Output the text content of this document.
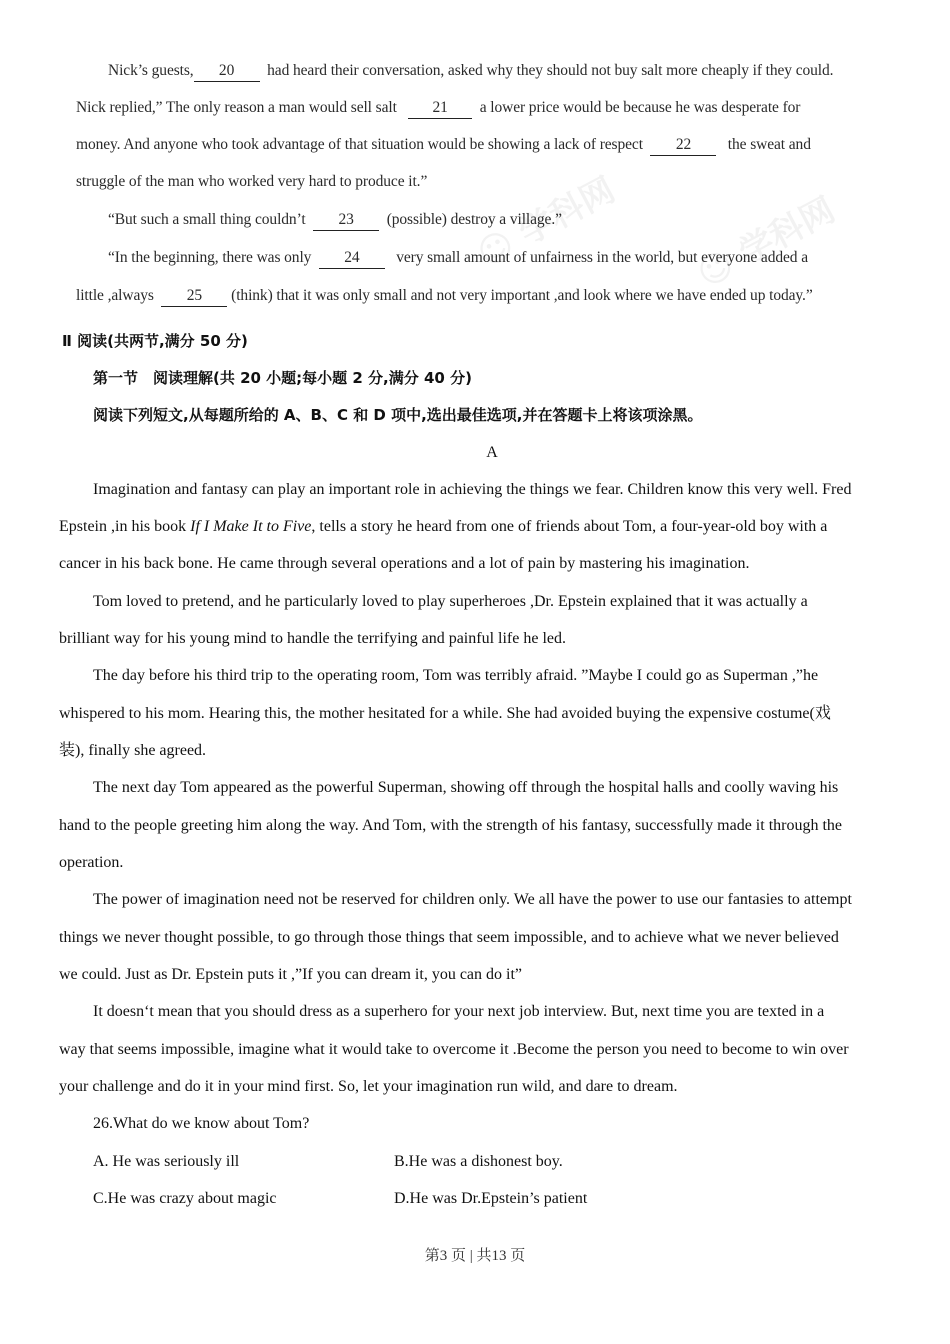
☺ 学科网
☺ 学科网
Nick’s guests, 20 had heard their conversation, asked why they should not buy salt more cheaply if they could.
Nick replied,” The only reason a man would sell salt 21 a lower price would be because he was desperate for
money. And anyone who took advantage of that situation would be showing a lack of respect 22 the sweat and
struggle of the man who worked very hard to produce it.”
“But such a small thing couldn’t 23 (possible) destroy a village.”
“In the beginning, there was only 24 very small amount of unfairness in the world, but everyone added a
little ,always 25 (think) that it was only small and not very important ,and look where we have ended up today.”
Ⅱ 阅读(共两节,满分 50 分)
第一节　阅读理解(共 20 小题;每小题 2 分,满分 40 分)
阅读下列短文,从每题所给的 A、B、C 和 D 项中,选出最佳选项,并在答题卡上将该项涂黑。
A
Imagination and fantasy can play an important role in achieving the things we fear. Children know this very well. Fred
Epstein ,in his book If I Make It to Five, tells a story he heard from one of friends about Tom, a four-year-old boy with a
cancer in his back bone. He came through several operations and a lot of pain by mastering his imagination.
Tom loved to pretend, and he particularly loved to play superheroes ,Dr. Epstein explained that it was actually a
brilliant way for his young mind to handle the terrifying and painful life he led.
The day before his third trip to the operating room, Tom was terribly afraid. ”Maybe I could go as Superman ,”he
whispered to his mom. Hearing this, the mother hesitated for a while. She had avoided buying the expensive costume(戏
装), finally she agreed.
The next day Tom appeared as the powerful Superman, showing off through the hospital halls and coolly waving his
hand to the people greeting him along the way. And Tom, with the strength of his fantasy, successfully made it through the
operation.
The power of imagination need not be reserved for children only. We all have the power to use our fantasies to attempt
things we never thought possible, to go through those things that seem impossible, and to achieve what we never believed
we could. Just as Dr. Epstein puts it ,”If you can dream it, you can do it”
It doesn‘t mean that you should dress as a superhero for your next job interview. But, next time you are texted in a
way that seems impossible, imagine what it would take to overcome it .Become the person you need to become to win over
your challenge and do it in your mind first. So, let your imagination run wild, and dare to dream.
26.What do we know about Tom?
A. He was seriously ill	B.He was a dishonest boy.
C.He was crazy about magic	D.He was Dr.Epstein’s patient
第3 页 | 共13 页
